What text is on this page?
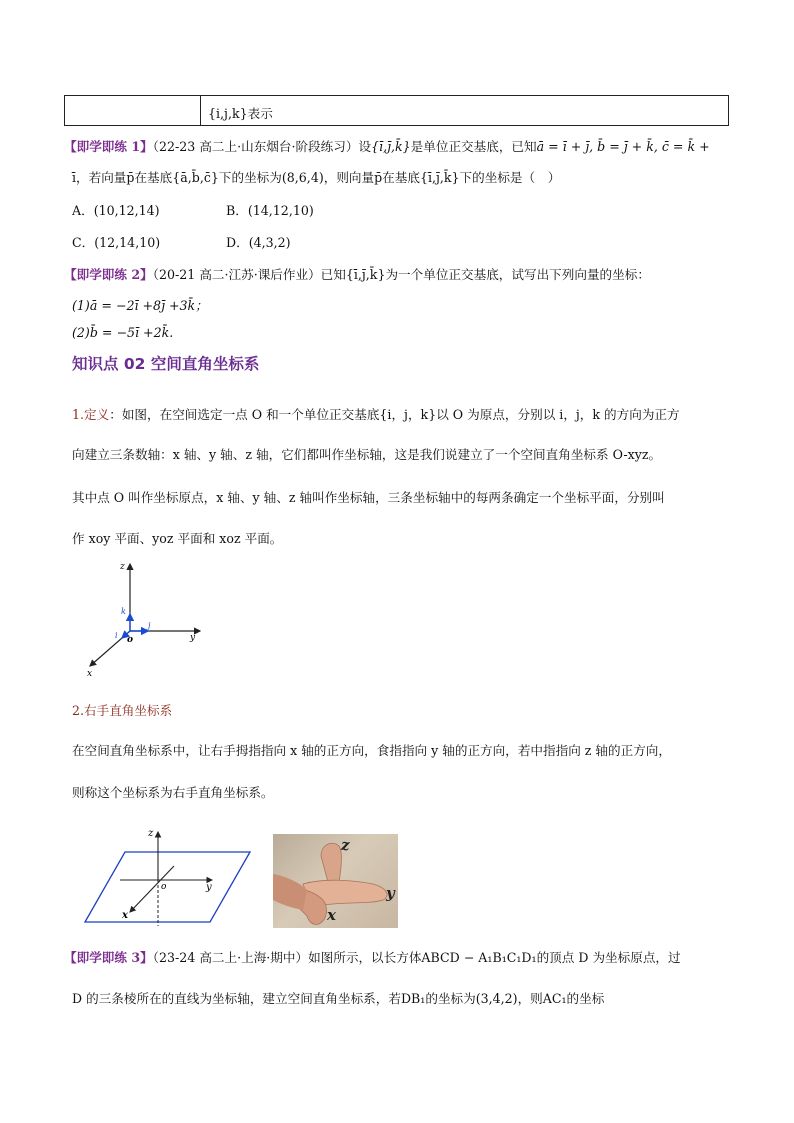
{i,j,k}表示
【即学即练 1】（22-23 高二上·山东烟台·阶段练习）设{ī,j̄,k̄}是单位正交基底，已知ā = ī + j̄, b̄ = j̄ + k̄, c̄ = k̄ +
ī，若向量p̄在基底{ā,b̄,c̄}下的坐标为(8,6,4)，则向量p̄在基底{ī,j̄,k̄}下的坐标是（　）
A．(10,12,14)	B．(14,12,10)
C．(12,14,10)	D．(4,3,2)
【即学即练 2】（20-21 高二·江苏·课后作业）已知{ī,j̄,k̄}为一个单位正交基底，试写出下列向量的坐标：
(1)ā = −2ī +8j̄ +3k̄；
(2)b̄ = −5ī +2k̄.
知识点 02 空间直角坐标系
1.定义：如图，在空间选定一点 O 和一个单位正交基底{i，j，k}以 O 为原点，分别以 i，j，k 的方向为正方
向建立三条数轴：x 轴、y 轴、z 轴，它们都叫作坐标轴，这是我们说建立了一个空间直角坐标系 O-xyz。
其中点 O 叫作坐标原点，x 轴、y 轴、z 轴叫作坐标轴，三条坐标轴中的每两条确定一个坐标平面，分别叫
作 xoy 平面、yoz 平面和 xoz 平面。
z
y
x
o
k
j
i
2.右手直角坐标系
在空间直角坐标系中，让右手拇指指向 x 轴的正方向，食指指向 y 轴的正方向，若中指指向 z 轴的正方向，
则称这个坐标系为右手直角坐标系。
z
y
x
o
z
y
x
【即学即练 3】（23-24 高二上·上海·期中）如图所示，以长方体ABCD − A₁B₁C₁D₁的顶点 D 为坐标原点，过
D 的三条棱所在的直线为坐标轴，建立空间直角坐标系，若DB₁的坐标为(3,4,2)，则AC₁的坐标
